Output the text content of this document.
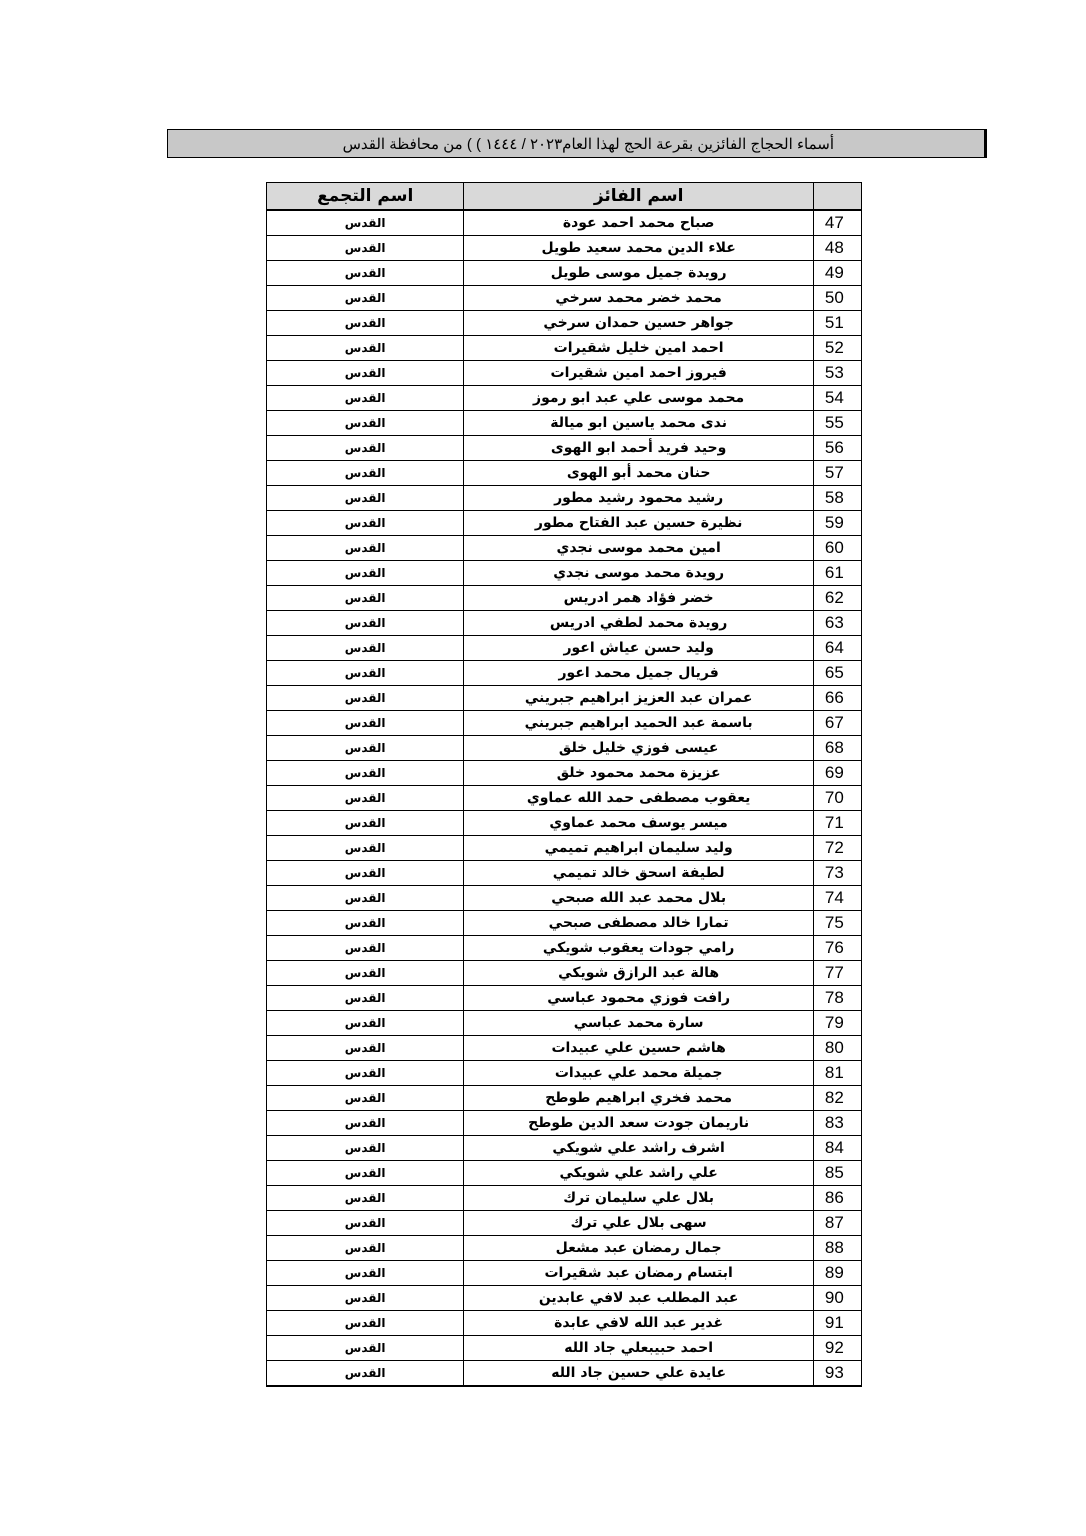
أسماء الحجاج الفائزين بقرعة الحج لهذا العام٢٠٢٣ / ١٤٤٤ ) ) من محافظة القدس
	اسم الفائز	اسم التجمع
47	صباح محمد احمد عودة	القدس
48	علاء الدين محمد سعيد طويل	القدس
49	رويدة جميل موسى طويل	القدس
50	محمد خضر محمد سرخي	القدس
51	جواهر حسين حمدان سرخي	القدس
52	احمد امين خليل شقيرات	القدس
53	فيروز احمد امين شقيرات	القدس
54	محمد موسى علي عبد ابو رموز	القدس
55	ندى محمد ياسين ابو ميالة	القدس
56	وحيد فريد أحمد ابو الهوى	القدس
57	حنان محمد أبو الهوى	القدس
58	رشيد محمود رشيد مطور	القدس
59	نظيرة حسين عبد الفتاح مطور	القدس
60	امين محمد موسى نجدي	القدس
61	رويدة محمد موسى نجدي	القدس
62	خضر فؤاد همر ادريس	القدس
63	رويدة محمد لطفي ادريس	القدس
64	وليد حسن عياش اعور	القدس
65	فريال جميل محمد اعور	القدس
66	عمران عبد العزيز ابراهيم جبريني	القدس
67	باسمة عبد الحميد ابراهيم جبريني	القدس
68	عيسى فوزي خليل خلق	القدس
69	عزيزة محمد محمود خلق	القدس
70	يعقوب مصطفى حمد الله عماوي	القدس
71	ميسر يوسف محمد عماوي	القدس
72	وليد سليمان ابراهيم تميمي	القدس
73	لطيفة اسحق خالد تميمي	القدس
74	بلال محمد عبد الله صبحي	القدس
75	تمارا خالد مصطفى صبحي	القدس
76	رامي جودات يعقوب شويكي	القدس
77	هالة عبد الرازق شويكي	القدس
78	رافت فوزي محمود عباسي	القدس
79	سارة محمد عباسي	القدس
80	هاشم حسين علي عبيدات	القدس
81	جميلة محمد علي عبيدات	القدس
82	محمد فخري ابراهيم طوطح	القدس
83	ناريمان جودت سعد الدين طوطح	القدس
84	اشرف راشد علي شويكي	القدس
85	علي راشد علي شويكي	القدس
86	بلال علي سليمان ترك	القدس
87	سهى بلال علي ترك	القدس
88	جمال رمضان عبد مشعل	القدس
89	ابتسام رمضان عبد شقيرات	القدس
90	عبد المطلب عبد لافي عابدين	القدس
91	غدير عبد الله لافي عابدة	القدس
92	احمد حبيبعلي جاد الله	القدس
93	عايدة علي حسين جاد الله	القدس
